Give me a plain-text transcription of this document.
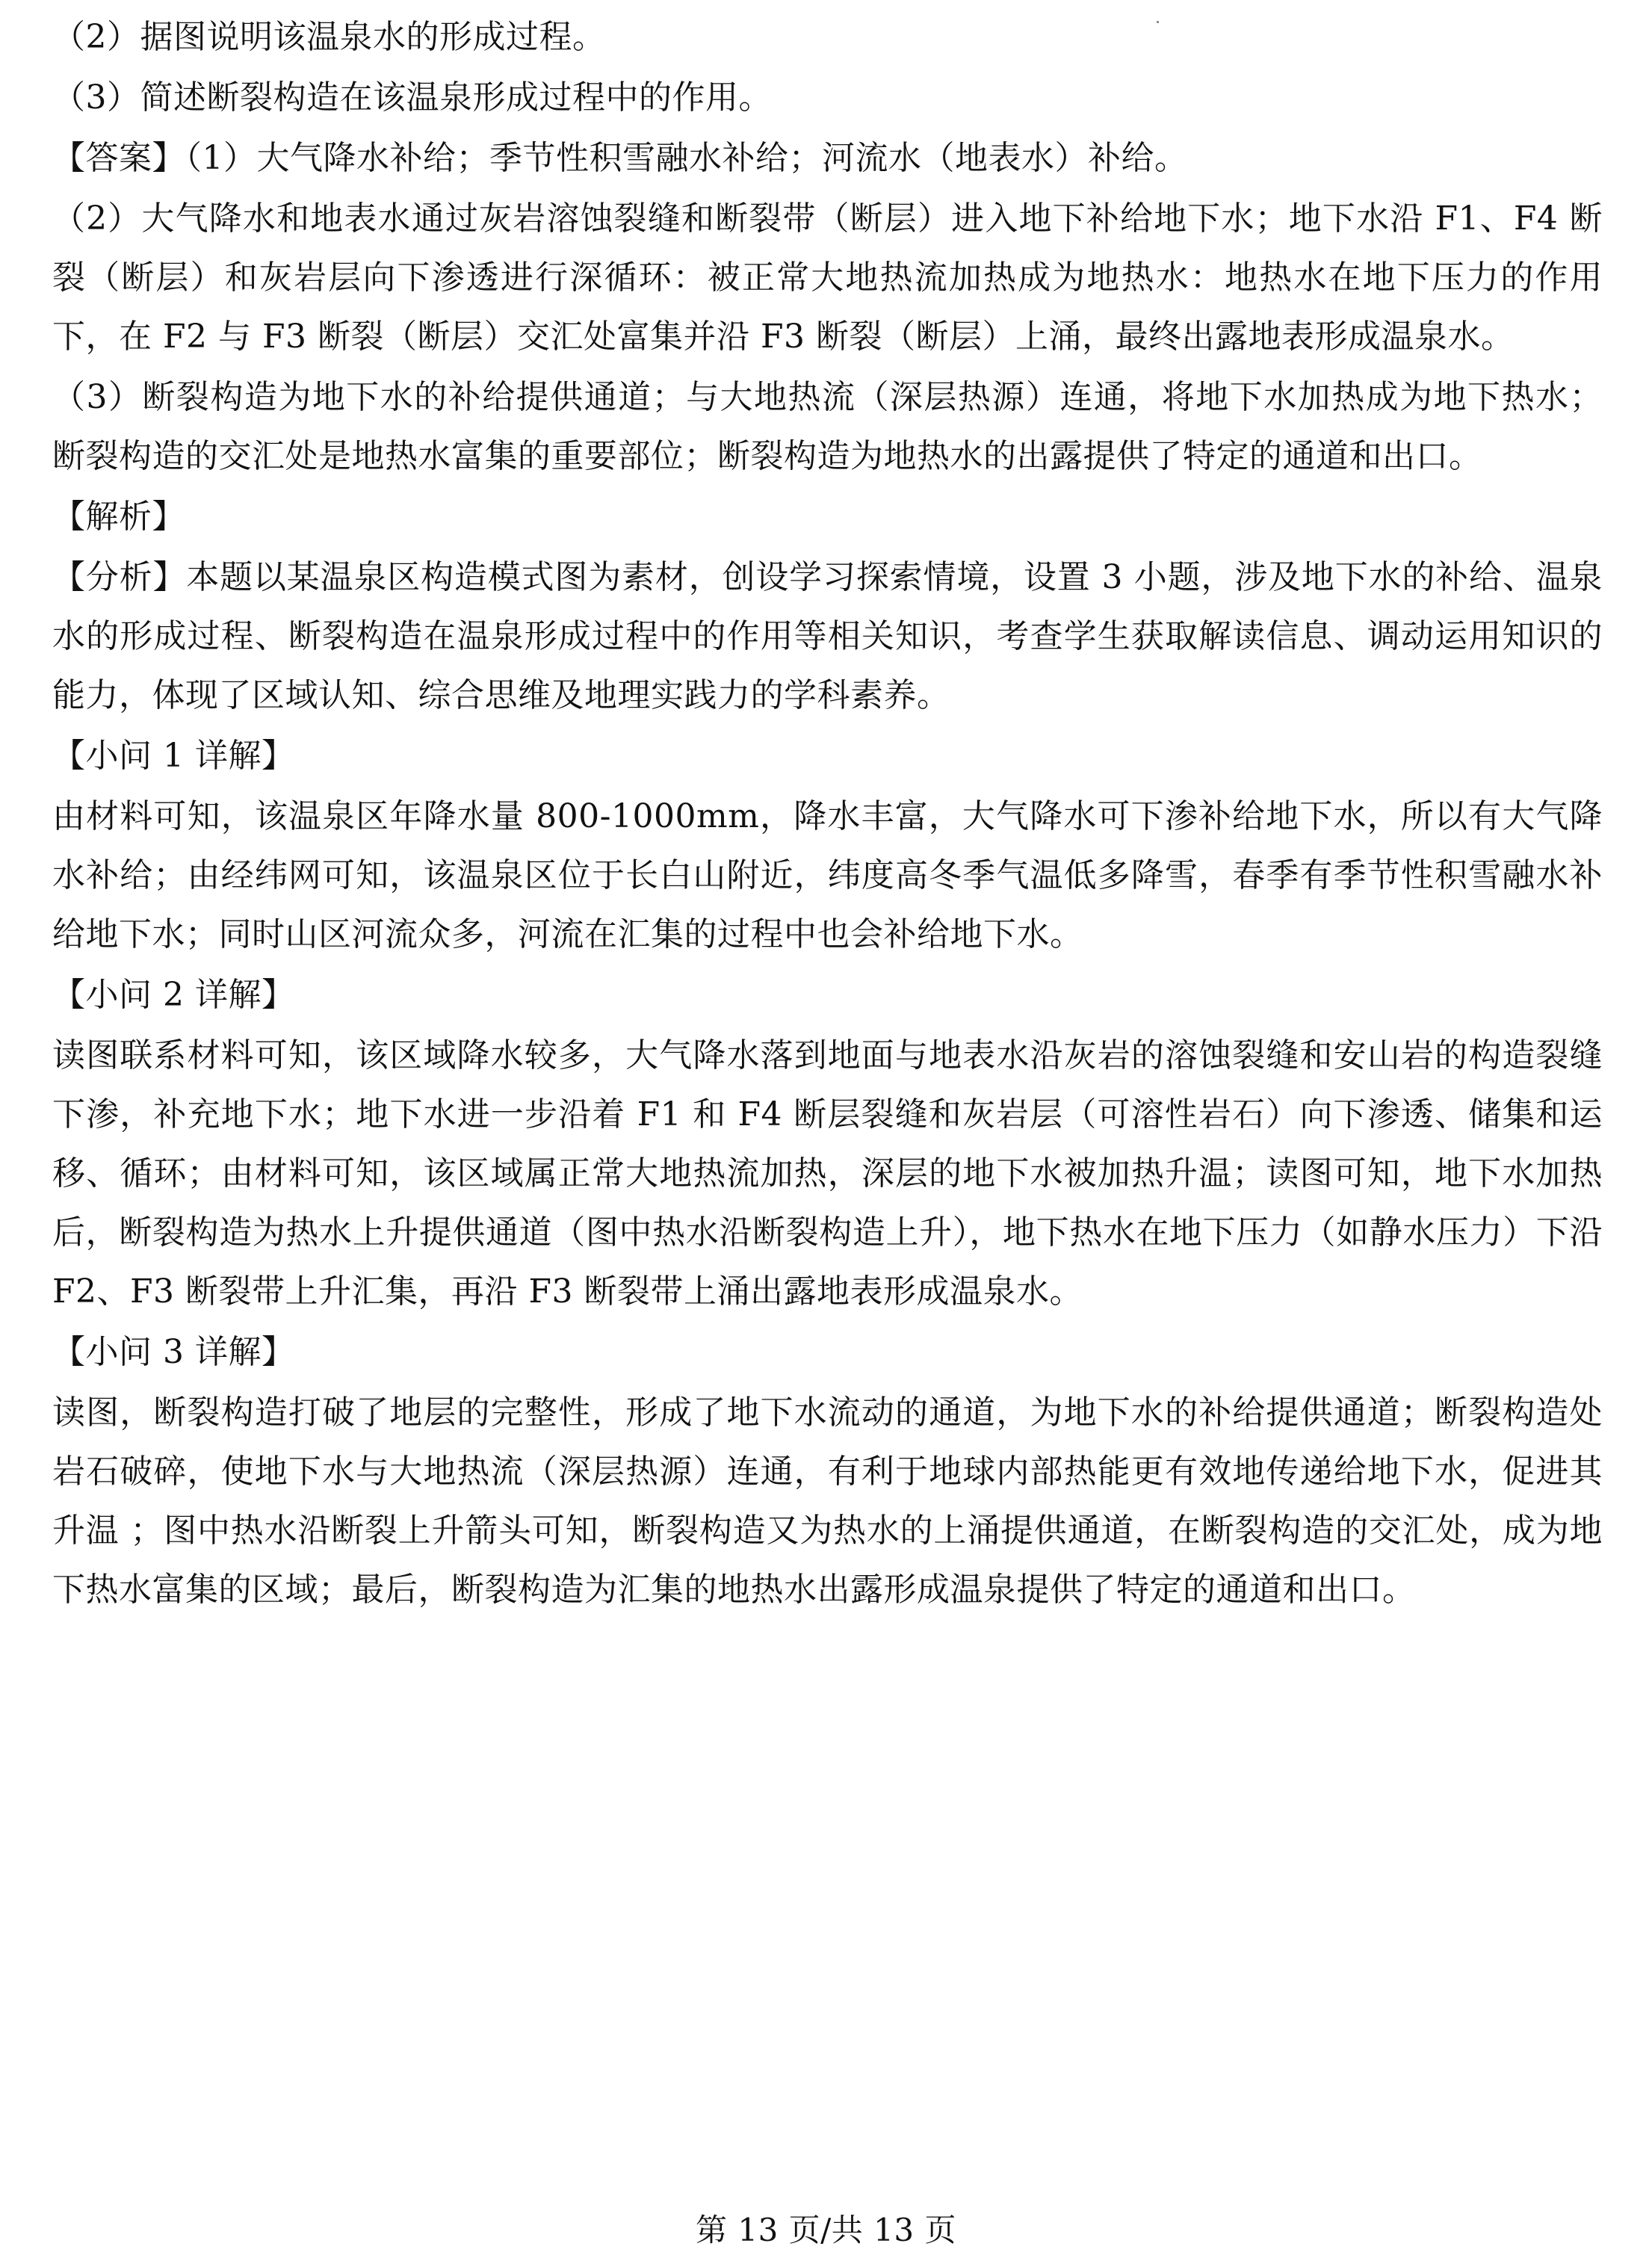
（2）据图说明该温泉水的形成过程。

（3）简述断裂构造在该温泉形成过程中的作用。

【答案】（1）大气降水补给；季节性积雪融水补给；河流水（地表水）补给。

（2）大气降水和地表水通过灰岩溶蚀裂缝和断裂带（断层）进入地下补给地下水；地下水沿 F1、F4 断裂（断层）和灰岩层向下渗透进行深循环：被正常大地热流加热成为地热水：地热水在地下压力的作用下，在 F2 与 F3 断裂（断层）交汇处富集并沿 F3 断裂（断层）上涌，最终出露地表形成温泉水。

（3）断裂构造为地下水的补给提供通道；与大地热流（深层热源）连通，将地下水加热成为地下热水；断裂构造的交汇处是地热水富集的重要部位；断裂构造为地热水的出露提供了特定的通道和出口。

【解析】

【分析】本题以某温泉区构造模式图为素材，创设学习探索情境，设置 3 小题，涉及地下水的补给、温泉水的形成过程、断裂构造在温泉形成过程中的作用等相关知识，考查学生获取解读信息、调动运用知识的能力，体现了区域认知、综合思维及地理实践力的学科素养。

【小问 1 详解】

由材料可知，该温泉区年降水量 800-1000mm，降水丰富，大气降水可下渗补给地下水，所以有大气降水补给；由经纬网可知，该温泉区位于长白山附近，纬度高冬季气温低多降雪，春季有季节性积雪融水补给地下水；同时山区河流众多，河流在汇集的过程中也会补给地下水。

【小问 2 详解】

读图联系材料可知，该区域降水较多，大气降水落到地面与地表水沿灰岩的溶蚀裂缝和安山岩的构造裂缝下渗，补充地下水；地下水进一步沿着 F1 和 F4 断层裂缝和灰岩层（可溶性岩石）向下渗透、储集和运移、循环；由材料可知，该区域属正常大地热流加热，深层的地下水被加热升温；读图可知，地下水加热后，断裂构造为热水上升提供通道（图中热水沿断裂构造上升），地下热水在地下压力（如静水压力）下沿 F2、F3 断裂带上升汇集，再沿 F3 断裂带上涌出露地表形成温泉水。

【小问 3 详解】

读图，断裂构造打破了地层的完整性，形成了地下水流动的通道，为地下水的补给提供通道；断裂构造处岩石破碎，使地下水与大地热流（深层热源）连通，有利于地球内部热能更有效地传递给地下水，促进其升温 ；图中热水沿断裂上升箭头可知，断裂构造又为热水的上涌提供通道，在断裂构造的交汇处，成为地下热水富集的区域；最后，断裂构造为汇集的地热水出露形成温泉提供了特定的通道和出口。

第 13 页/共 13 页
